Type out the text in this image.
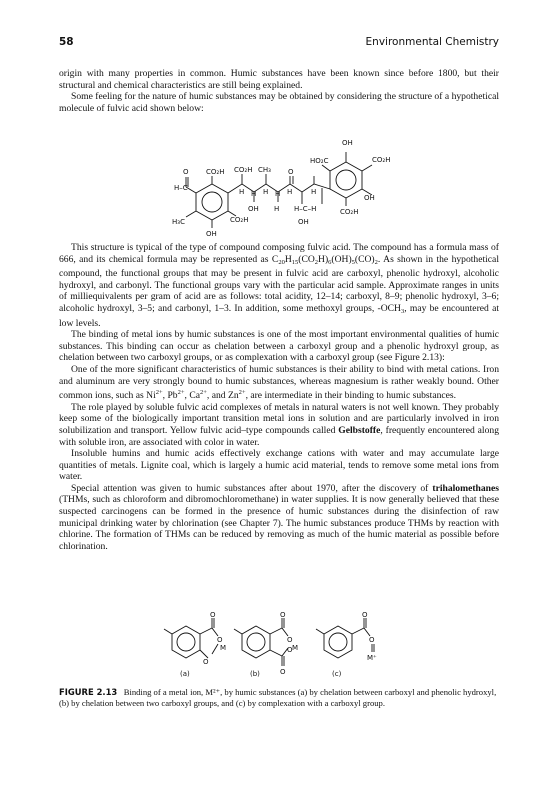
58	Environmental Chemistry

origin with many properties in common. Humic substances have been known since before 1800, but their structural and chemical characteristics are still being explained.

Some feeling for the nature of humic substances may be obtained by considering the structure of a hypothetical molecule of fulvic acid shown below:

OH
CO₂H
HO₂C
OH
CO₂H
O
H–C
CO₂H CO₂H CH₃ O
H	H	H	H
H	H
OH H H–C–H
OH
CO₂H
H₃C
OH

This structure is typical of the type of compound composing fulvic acid. The compound has a formula mass of 666, and its chemical formula may be represented as $C_{20}H_{15}(CO_2H)_6(OH)_5(CO)_2$. As shown in the hypothetical compound, the functional groups that may be present in fulvic acid are carboxyl, phenolic hydroxyl, alcoholic hydroxyl, and carbonyl. The functional groups vary with the particular acid sample. Approximate ranges in units of milliequivalents per gram of acid are as follows: total acidity, 12–14; carboxyl, 8–9; phenolic hydroxyl, 3–6; alcoholic hydroxyl, 3–5; and carbonyl, 1–3. In addition, some methoxyl groups, $-OCH_3$, may be encountered at low levels.

The binding of metal ions by humic substances is one of the most important environmental qualities of humic substances. This binding can occur as chelation between a carboxyl group and a phenolic hydroxyl group, as chelation between two carboxyl groups, or as complexation with a carboxyl group (see Figure 2.13):

One of the more significant characteristics of humic substances is their ability to bind with metal cations. Iron and aluminum are very strongly bound to humic substances, whereas magnesium is rather weakly bound. Other common ions, such as $Ni^{2+}$, $Pb^{2+}$, $Ca^{2+}$, and $Zn^{2+}$, are intermediate in their binding to humic substances.

The role played by soluble fulvic acid complexes of metals in natural waters is not well known. They probably keep some of the biologically important transition metal ions in solution and are particularly involved in iron solubilization and transport. Yellow fulvic acid–type compounds called Gelbstoffe, frequently encountered along with soluble iron, are associated with color in water.

Insoluble humins and humic acids effectively exchange cations with water and may accumulate large quantities of metals. Lignite coal, which is largely a humic acid material, tends to remove some metal ions from water.

Special attention was given to humic substances after about 1970, after the discovery of trihalomethanes (THMs, such as chloroform and dibromochloromethane) in water supplies. It is now generally believed that these suspected carcinogens can be formed in the presence of humic substances during the disinfection of raw municipal drinking water by chlorination (see Chapter 7). The humic substances produce THMs by reaction with chlorine. The formation of THMs can be reduced by removing as much of the humic material as possible before chlorination.

O
O
M
O
O
O
M
O
O
O
O
M⁺
(a)	(b)	(c)
FIGURE 2.13 Binding of a metal ion, M²⁺, by humic substances (a) by chelation between carboxyl and phenolic hydroxyl, (b) by chelation between two carboxyl groups, and (c) by complexation with a carboxyl group.
